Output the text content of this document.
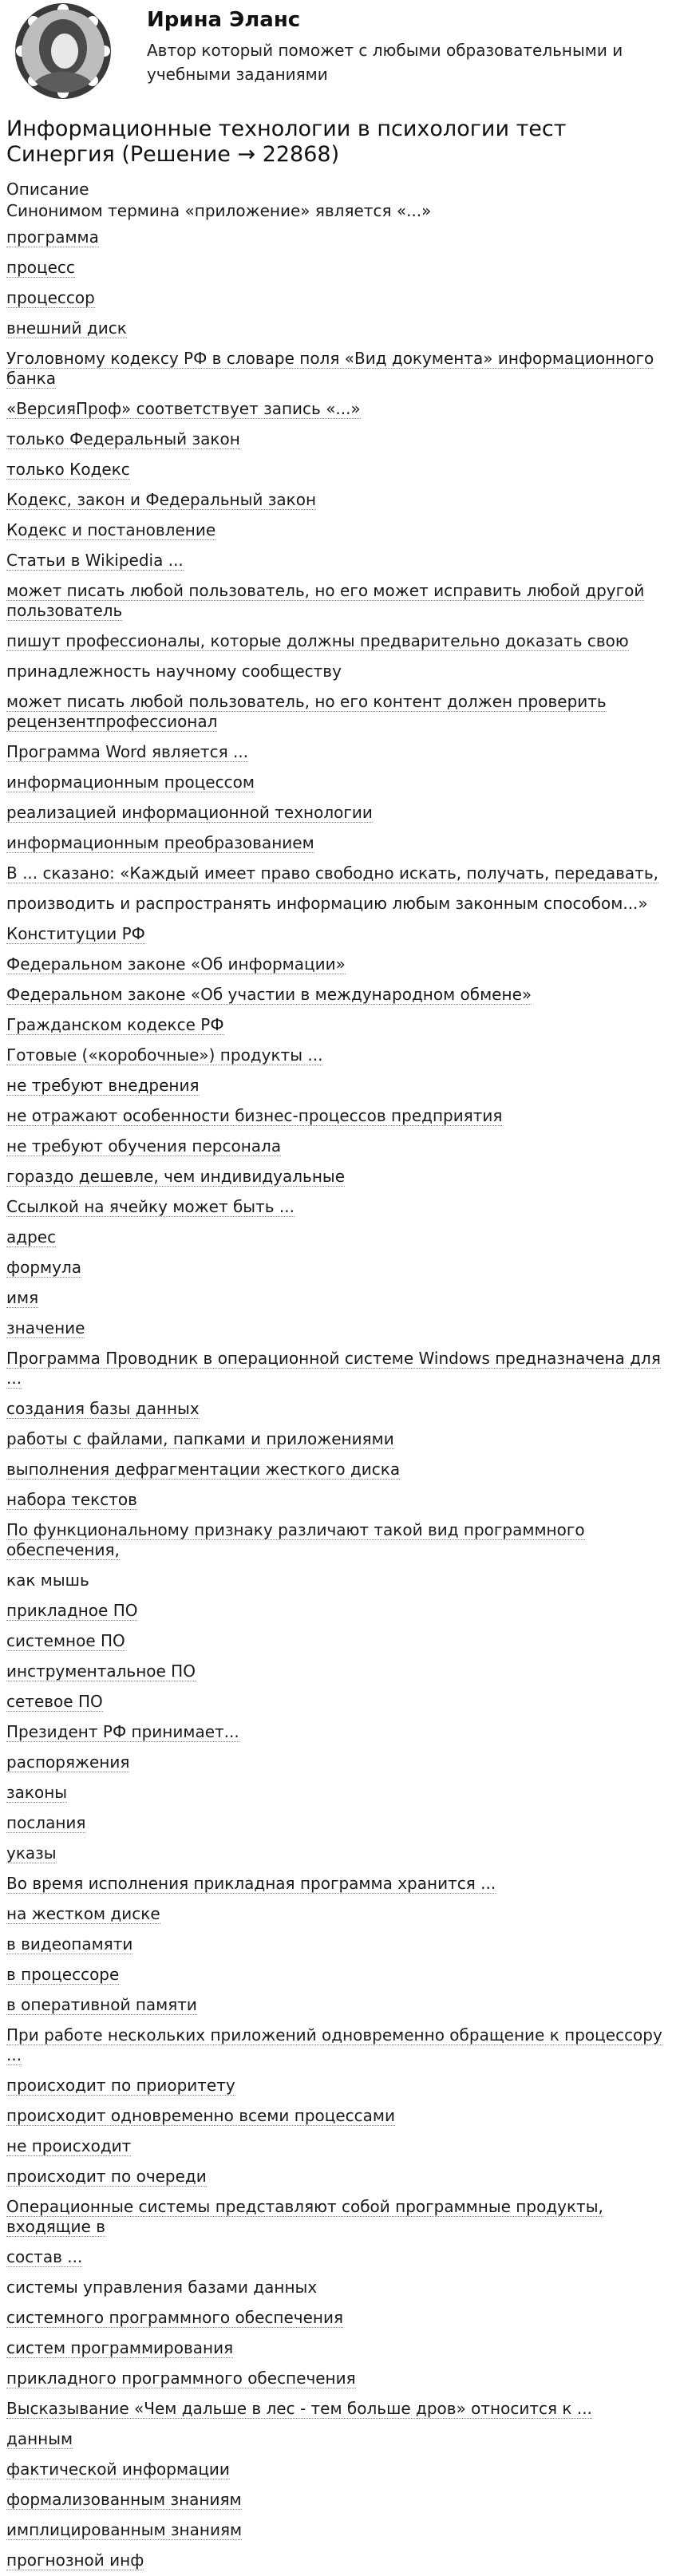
Ирина Эланс
Автор который поможет с любыми образовательными и учебными заданиями
Информационные технологии в психологии тест Синергия (Решение → 22868)
Описание
Синонимом термина «приложение» является «...»
программа
процесс
процессор
внешний диск
Уголовному кодексу РФ в словаре поля «Вид документа» информационного банка
«ВерсияПроф» соответствует запись «...»
только Федеральный закон
только Кодекс
Кодекс, закон и Федеральный закон
Кодекс и постановление
Статьи в Wikipedia ...
может писать любой пользователь, но его может исправить любой другой пользователь
пишут профессионалы, которые должны предварительно доказать свою
принадлежность научному сообществу
может писать любой пользователь, но его контент должен проверить рецензентпрофессионал
Программа Word является ...
информационным процессом
реализацией информационной технологии
информационным преобразованием
В ... сказано: «Каждый имеет право свободно искать, получать, передавать,
производить и распространять информацию любым законным способом...»
Конституции РФ
Федеральном законе «Об информации»
Федеральном законе «Об участии в международном обмене»
Гражданском кодексе РФ
Готовые («коробочные») продукты ...
не требуют внедрения
не отражают особенности бизнес-процессов предприятия
не требуют обучения персонала
гораздо дешевле, чем индивидуальные
Ссылкой на ячейку может быть ...
адрес
формула
имя
значение
Программа Проводник в операционной системе Windows предназначена для ...
создания базы данных
работы с файлами, папками и приложениями
выполнения дефрагментации жесткого диска
набора текстов
По функциональному признаку различают такой вид программного обеспечения,
как мышь
прикладное ПО
системное ПО
инструментальное ПО
сетевое ПО
Президент РФ принимает...
распоряжения
законы
послания
указы
Во время исполнения прикладная программа хранится ...
на жестком диске
в видеопамяти
в процессоре
в оперативной памяти
При работе нескольких приложений одновременно обращение к процессору ...
происходит по приоритету
происходит одновременно всеми процессами
не происходит
происходит по очереди
Операционные системы представляют собой программные продукты, входящие в
состав ...
системы управления базами данных
системного программного обеспечения
систем программирования
прикладного программного обеспечения
Высказывание «Чем дальше в лес - тем больше дров» относится к ...
данным
фактической информации
формализованным знаниям
имплицированным знаниям
прогнозной инф
